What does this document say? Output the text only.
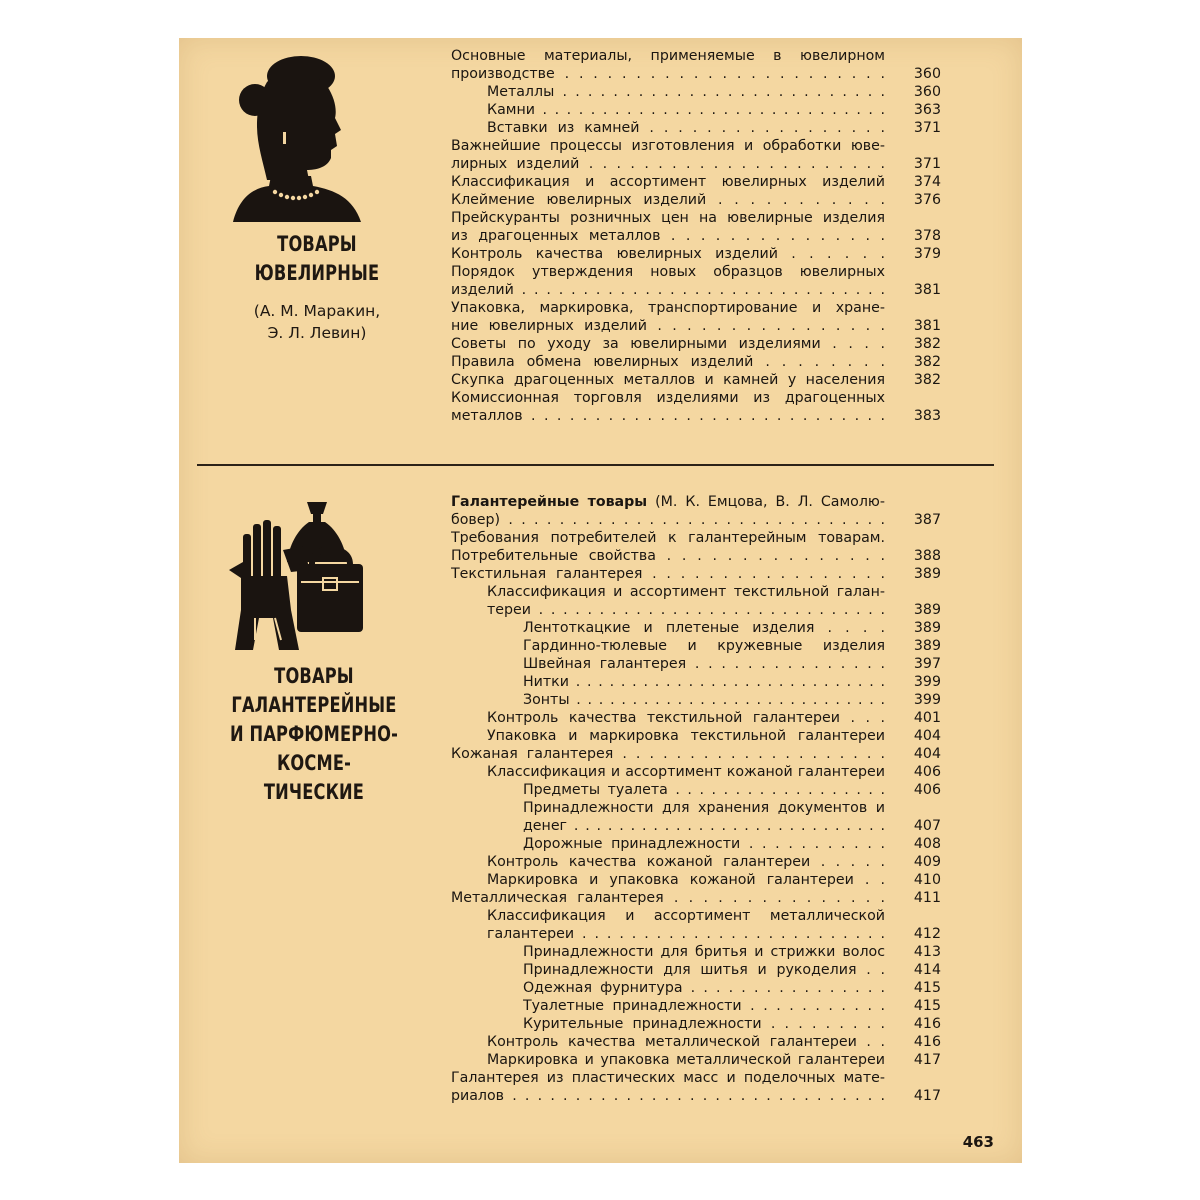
ТОВАРЫ
ЮВЕЛИРНЫЕ
(А. М. Маракин,
Э. Л. Левин)
Основные материалы, применяемые в ювелирном
производстве . . . . . . . . . . . . . . . . . . . . . . .	360
Металлы . . . . . . . . . . . . . . . . . . . . . . . . . .	360
Камни . . . . . . . . . . . . . . . . . . . . . . . . . . . . .	363
Вставки из камней . . . . . . . . . . . . . . . . .	371
Важнейшие процессы изготовления и обработки юве-
лирных изделий . . . . . . . . . . . . . . . . . . . . . .	371
Классификация и ассортимент ювелирных изделий	374
Клеймение ювелирных изделий . . . . . . . . . . .	376
Прейскуранты розничных цен на ювелирные изделия
из драгоценных металлов . . . . . . . . . . . . . . .	378
Контроль качества ювелирных изделий . . . . . .	379
Порядок утверждения новых образцов ювелирных
изделий . . . . . . . . . . . . . . . . . . . . . . . . . . . . . .	381
Упаковка, маркировка, транспортирование и хране-
ние ювелирных изделий . . . . . . . . . . . . . . . .	381
Советы по уходу за ювелирными изделиями . . . .	382
Правила обмена ювелирных изделий . . . . . . . .	382
Скупка драгоценных металлов и камней у населения	382
Комиссионная торговля изделиями из драгоценных
металлов . . . . . . . . . . . . . . . . . . . . . . . . . . . .	383
ТОВАРЫ ГАЛАНТЕРЕЙНЫЕ
И ПАРФЮМЕРНО-КОСМЕ-
ТИЧЕСКИЕ
Галантерейные товары (М. К. Емцова, В. Л. Самолю-
бовер) . . . . . . . . . . . . . . . . . . . . . . . . . . . . . .	387
Требования потребителей к галантерейным товарам.
Потребительные свойства . . . . . . . . . . . . . . .	388
Текстильная галантерея . . . . . . . . . . . . . . . . .	389
Классификация и ассортимент текстильной галан-
тереи . . . . . . . . . . . . . . . . . . . . . . . . . . . . .	389
Лентоткацкие и плетеные изделия . . . .	389
Гардинно-тюлевые и кружевные изделия	389
Швейная галантерея . . . . . . . . . . . . . . .	397
Нитки . . . . . . . . . . . . . . . . . . . . . . . . . . . .	399
Зонты . . . . . . . . . . . . . . . . . . . . . . . . . . . .	399
Контроль качества текстильной галантереи . . .	401
Упаковка и маркировка текстильной галантереи	404
Кожаная галантерея . . . . . . . . . . . . . . . . . . . .	404
Классификация и ассортимент кожаной галантереи	406
Предметы туалета . . . . . . . . . . . . . . . . . .	406
Принадлежности для хранения документов и
денег . . . . . . . . . . . . . . . . . . . . . . . . . . . .	407
Дорожные принадлежности . . . . . . . . . . .	408
Контроль качества кожаной галантереи . . . . .	409
Маркировка и упаковка кожаной галантереи . .	410
Металлическая галантерея . . . . . . . . . . . . . . .	411
Классификация и ассортимент металлической
галантереи . . . . . . . . . . . . . . . . . . . . . . . . .	412
Принадлежности для бритья и стрижки волос	413
Принадлежности для шитья и рукоделия . .	414
Одежная фурнитура . . . . . . . . . . . . . . . .	415
Туалетные принадлежности . . . . . . . . . . .	415
Курительные принадлежности . . . . . . . . .	416
Контроль качества металлической галантереи . .	416
Маркировка и упаковка металлической галантереи	417
Галантерея из пластических масс и поделочных мате-
риалов . . . . . . . . . . . . . . . . . . . . . . . . . . . . . .	417
463
